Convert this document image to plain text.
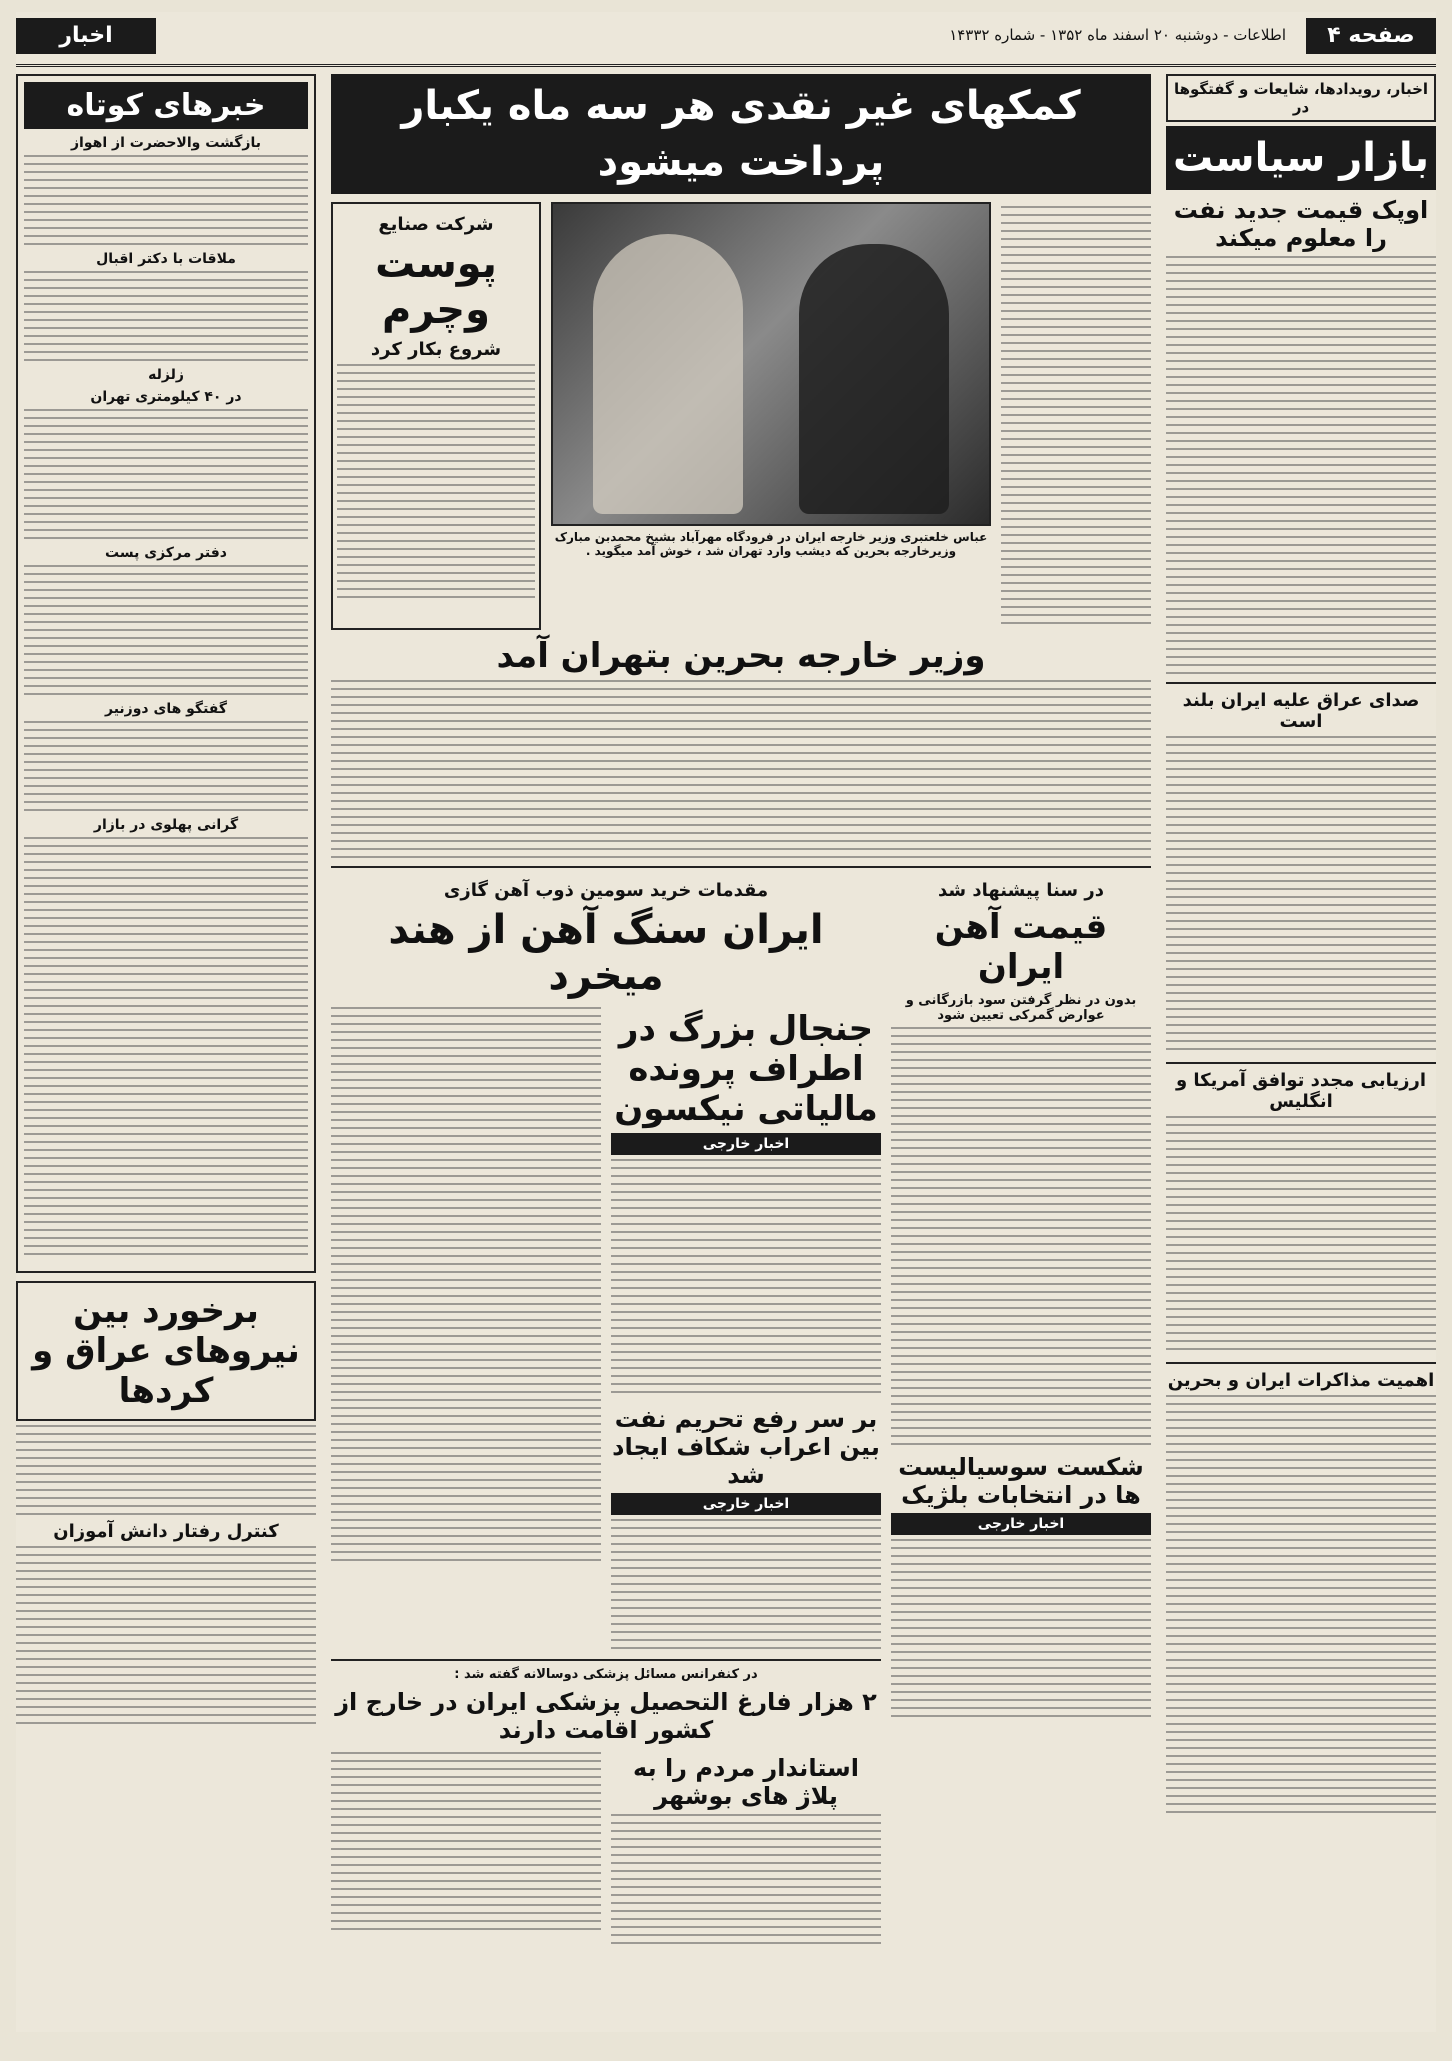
صفحه ۴
اطلاعات - دوشنبه ۲۰ اسفند ماه ۱۳۵۲ - شماره ۱۴۳۳۲
اخبار
اخبار، رویدادها، شایعات و گفتگوها در
بازار سیاست
اوپک قیمت جدید نفت را معلوم میکند
صدای عراق علیه ایران بلند است
ارزیابی مجدد توافق آمریکا و انگلیس
اهمیت مذاکرات ایران و بحرین
کمکهای غیر نقدی هر سه ماه یکبار پرداخت میشود
عباس خلعتبری وزیر خارجه ایران در فرودگاه مهرآباد بشیخ محمدبن مبارک وزیرخارجه بحرین که دیشب وارد تهران شد ، خوش آمد میگوید .
شرکت صنایع
پوست وچرم
شروع بکار کرد
وزیر خارجه بحرین بتهران آمد
در سنا پیشنهاد شد
قیمت آهن ایران
بدون در نظر گرفتن سود بازرگانی و عوارض گمرکی تعیین شود
شکست سوسیالیست ها در انتخابات بلژیک
اخبار خارجی
مقدمات خرید سومین ذوب آهن گازی
ایران سنگ آهن از هند میخرد
جنجال بزرگ در اطراف پرونده مالیاتی نیکسون
اخبار خارجی
بر سر رفع تحریم نفت بین اعراب شکاف ایجاد شد
اخبار خارجی
در کنفرانس مسائل پزشکی دوسالانه گفته شد :
۲ هزار فارغ التحصیل پزشکی ایران در خارج از کشور اقامت دارند
استاندار مردم را به پلاژ های بوشهر
خبرهای کوتاه
بازگشت والاحضرت از اهواز
ملاقات با دکتر اقبال
زلزله
در ۴۰ کیلومتری تهران
دفتر مرکزی پست
گفتگو های دوزنیر
گرانی پهلوی در بازار
برخورد بین نیروهای عراق و کردها
کنترل رفتار دانش آموزان
